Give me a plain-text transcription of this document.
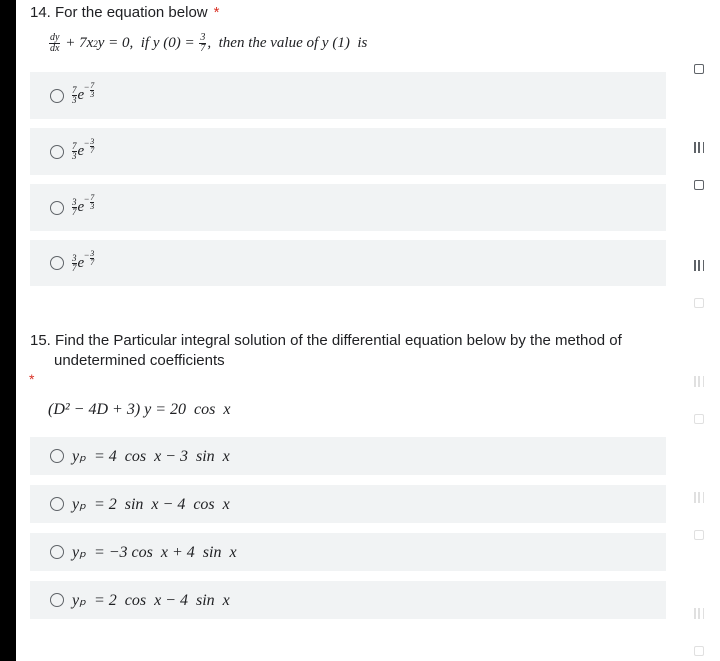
14. For the equation below *
$\frac{dy}{dx} + 7x$ 2 y = 0,  if y $(0) = \frac{3}{7}$ ,  then the value of y (1)  is
$\frac{7}{3}$ $e - \frac{7}{3}$
$\frac{7}{3}$ $e - \frac{3}{7}$
$\frac{3}{7}$ $e - \frac{7}{3}$
$\frac{3}{7}$ $e - \frac{3}{7}$
15. Find the Particular integral solution of the differential equation below by the method of
undetermined coefficients
*
(D² − 4D + 3) y = 20  cos  x
yₚ  = 4  cos  x − 3  sin  x
yₚ  = 2  sin  x − 4  cos  x
yₚ  = −3 cos  x + 4  sin  x
yₚ  = 2  cos  x − 4  sin  x
